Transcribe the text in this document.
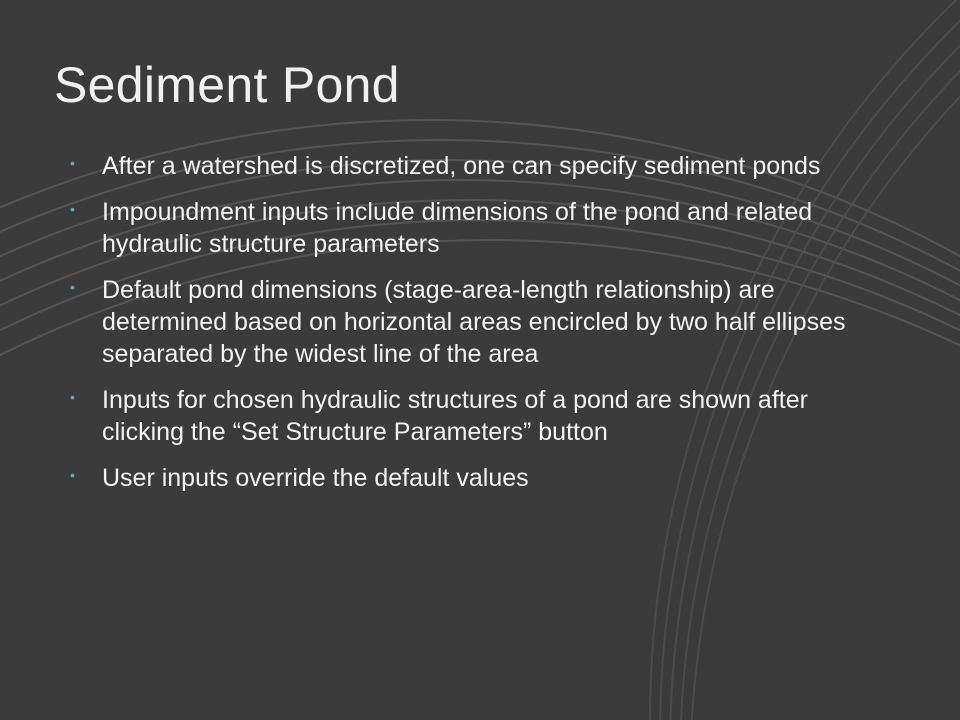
Sediment Pond
• After a watershed is discretized, one can specify sediment ponds
• Impoundment inputs include dimensions of the pond and related hydraulic structure parameters
• Default pond dimensions (stage-area-length relationship) are determined based on horizontal areas encircled by two half ellipses separated by the widest line of the area
• Inputs for chosen hydraulic structures of a pond are shown after clicking the “Set Structure Parameters” button
• User inputs override the default values
